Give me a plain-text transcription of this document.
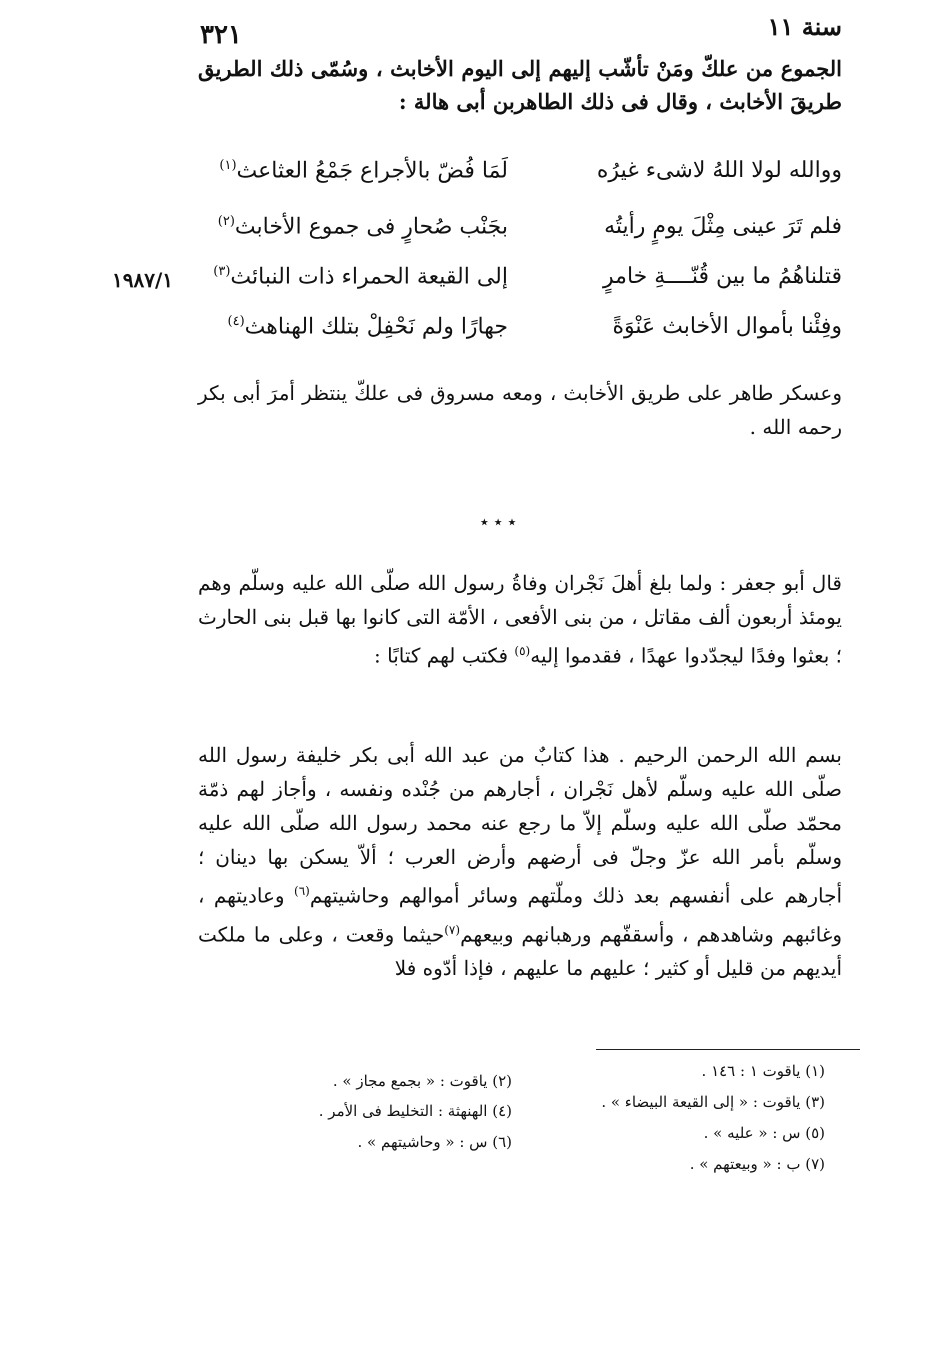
سنة ١١
٣٢١
الجموع من علكّ ومَنْ تأشّب إليهم إلى اليوم الأخابث ، وسُمّى ذلك الطريق طريقَ الأخابث ، وقال فى ذلك الطاهربن أبى هالة :
ووالله لولا اللهُ لاشىء غيرُه
لَمَا فُضّ بالأجراع جَمْعُ العثاعث$^{(١)}$
فلم تَرَ عينى مِثْلَ يومٍ رأيتُه
بجَنْب صُحارٍ فى جموع الأخابث$^{(٢)}$
قتلناهُمُ ما بين قُنّــــةِ خامرٍ
إلى القيعة الحمراء ذات النبائث$^{(٣)}$
وفِئْنا بأموال الأخابث عَنْوَةً
جهارًا ولم نَحْفِلْ بتلك الهناهث$^{(٤)}$
١٩٨٧/١
وعسكر طاهر على طريق الأخابث ، ومعه مسروق فى علكّ ينتظر أمرَ أبى بكر رحمه الله .
٭ ٭ ٭
قال أبو جعفر : ولما بلغ أهلَ نَجْران وفاةُ رسول الله صلّى الله عليه وسلّم وهم يومئذ أربعون ألف مقاتل ، من بنى الأفعى ، الأمّة التى كانوا بها قبل بنى الحارث ؛ بعثوا وفدًا ليجدّدوا عهدًا ، فقدموا إليه$^{(٥)}$ فكتب لهم كتابًا :
بسم الله الرحمن الرحيم . هذا كتابٌ من عبد الله أبى بكر خليفة رسول الله صلّى الله عليه وسلّم لأهل نَجْران ، أجارهم من جُنْده ونفسه ، وأجاز لهم ذمّة محمّد صلّى الله عليه وسلّم إلاّ ما رجع عنه محمد رسول الله صلّى الله عليه وسلّم بأمر الله عزّ وجلّ فى أرضهم وأرض العرب ؛ ألاّ يسكن بها دينان ؛ أجارهم على أنفسهم بعد ذلك وملّتهم وسائر أموالهم وحاشيتهم$^{(٦)}$ وعاديتهم ، وغائبهم وشاهدهم ، وأسقفّهم ورهبانهم وبيعهم$^{(٧)}$حيثما وقعت ، وعلى ما ملكت أيديهم من قليل أو كثير ؛ عليهم ما عليهم ، فإذا أدّوه فلا
(١) ياقوت ١ : ١٤٦ .
(٢) ياقوت : « بجمع مجاز » .
(٣) ياقوت : « إلى القيعة البيضاء » .
(٤) الهنهثة : التخليط فى الأمر .
(٥) س : « عليه » .
(٦) س : « وحاشيتهم » .
(٧) ب : « وبيعتهم » .
